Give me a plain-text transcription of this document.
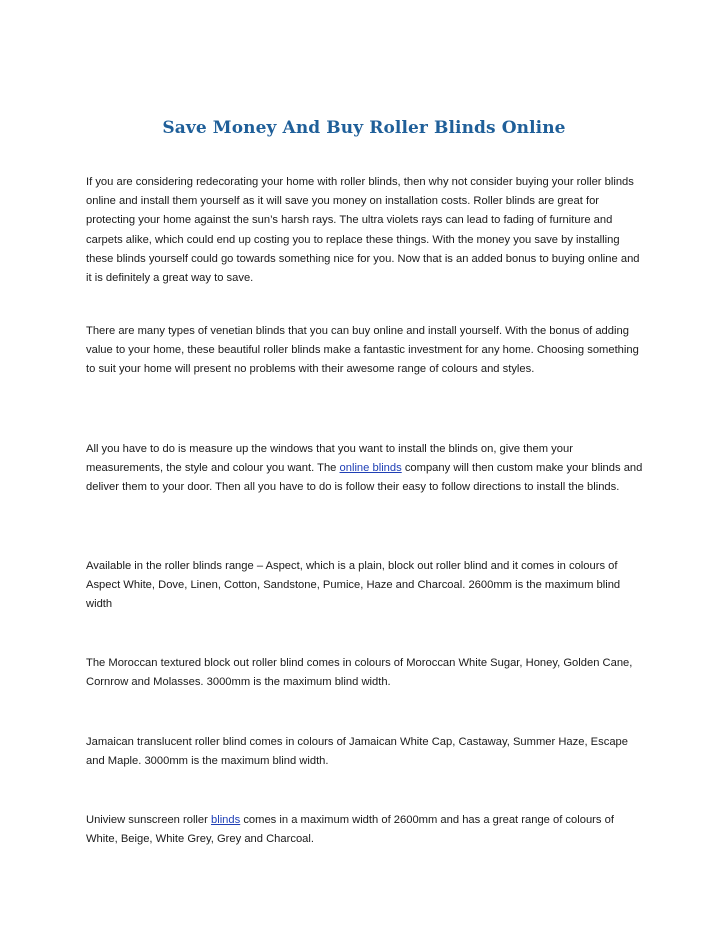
Save Money And Buy Roller Blinds Online

If you are considering redecorating your home with roller blinds, then why not consider buying your roller blinds online and install them yourself as it will save you money on installation costs. Roller blinds are great for protecting your home against the sun’s harsh rays. The ultra violets rays can lead to fading of furniture and carpets alike, which could end up costing you to replace these things. With the money you save by installing these blinds yourself could go towards something nice for you. Now that is an added bonus to buying online and it is definitely a great way to save.

There are many types of venetian blinds that you can buy online and install yourself. With the bonus of adding value to your home, these beautiful roller blinds make a fantastic investment for any home. Choosing something to suit your home will present no problems with their awesome range of colours and styles.

All you have to do is measure up the windows that you want to install the blinds on, give them your measurements, the style and colour you want. The online blinds company will then custom make your blinds and deliver them to your door. Then all you have to do is follow their easy to follow directions to install the blinds.

Available in the roller blinds range – Aspect, which is a plain, block out roller blind and it comes in colours of Aspect White, Dove, Linen, Cotton, Sandstone, Pumice, Haze and Charcoal. 2600mm is the maximum blind width

The Moroccan textured block out roller blind comes in colours of Moroccan White Sugar, Honey, Golden Cane, Cornrow and Molasses. 3000mm is the maximum blind width.

Jamaican translucent roller blind comes in colours of Jamaican White Cap, Castaway, Summer Haze, Escape and Maple. 3000mm is the maximum blind width.

Uniview sunscreen roller blinds comes in a maximum width of 2600mm and has a great range of colours of White, Beige, White Grey, Grey and Charcoal.
